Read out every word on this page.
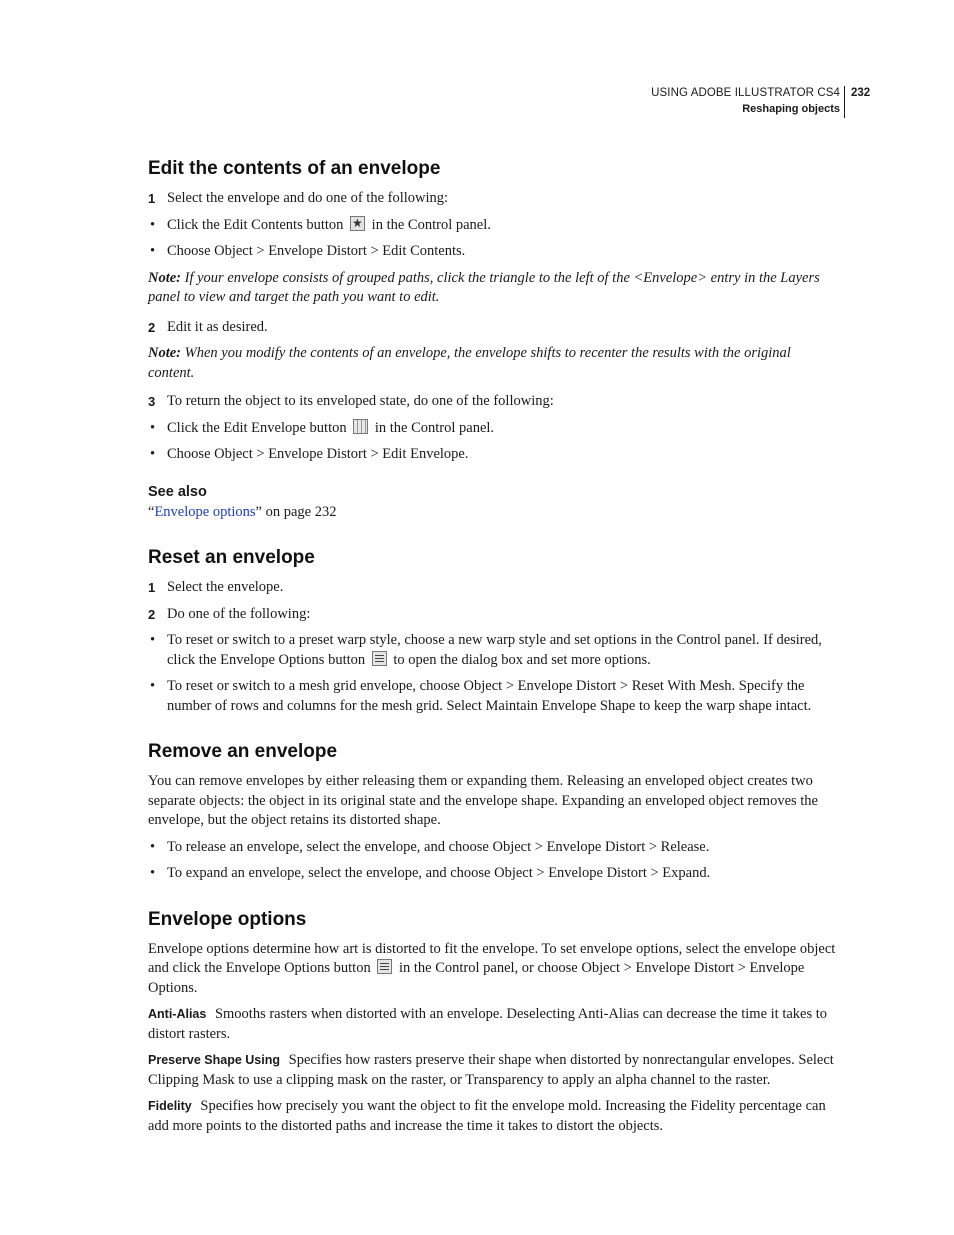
USING ADOBE ILLUSTRATOR CS4
Reshaping objects
232
Edit the contents of an envelope

1 Select the envelope and do one of the following:

• Click the Edit Contents button ★ in the Control panel.

• Choose Object > Envelope Distort > Edit Contents.

Note: If your envelope consists of grouped paths, click the triangle to the left of the <Envelope> entry in the Layers panel to view and target the path you want to edit.

2 Edit it as desired.

Note: When you modify the contents of an envelope, the envelope shifts to recenter the results with the original content.

3 To return the object to its enveloped state, do one of the following:

• Click the Edit Envelope button in the Control panel.

• Choose Object > Envelope Distort > Edit Envelope.

See also

“Envelope options” on page 232

Reset an envelope

1 Select the envelope.

2 Do one of the following:

• To reset or switch to a preset warp style, choose a new warp style and set options in the Control panel. If desired, click the Envelope Options button to open the dialog box and set more options.

• To reset or switch to a mesh grid envelope, choose Object > Envelope Distort > Reset With Mesh. Specify the number of rows and columns for the mesh grid. Select Maintain Envelope Shape to keep the warp shape intact.

Remove an envelope

You can remove envelopes by either releasing them or expanding them. Releasing an enveloped object creates two separate objects: the object in its original state and the envelope shape. Expanding an enveloped object removes the envelope, but the object retains its distorted shape.

• To release an envelope, select the envelope, and choose Object > Envelope Distort > Release.

• To expand an envelope, select the envelope, and choose Object > Envelope Distort > Expand.

Envelope options

Envelope options determine how art is distorted to fit the envelope. To set envelope options, select the envelope object and click the Envelope Options button in the Control panel, or choose Object > Envelope Distort > Envelope Options.

Anti-Alias Smooths rasters when distorted with an envelope. Deselecting Anti-Alias can decrease the time it takes to distort rasters.

Preserve Shape Using Specifies how rasters preserve their shape when distorted by nonrectangular envelopes. Select Clipping Mask to use a clipping mask on the raster, or Transparency to apply an alpha channel to the raster.

Fidelity Specifies how precisely you want the object to fit the envelope mold. Increasing the Fidelity percentage can add more points to the distorted paths and increase the time it takes to distort the objects.
